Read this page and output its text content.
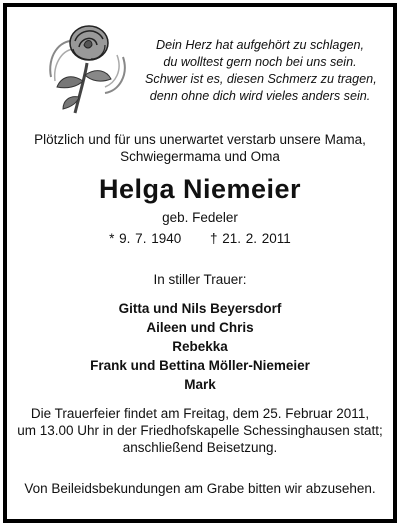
Dein Herz hat aufgehört zu schlagen,
du wolltest gern noch bei uns sein.
Schwer ist es, diesen Schmerz zu tragen,
denn ohne dich wird vieles anders sein.
Plötzlich und für uns unerwartet verstarb unsere Mama,
Schwiegermama und Oma
Helga Niemeier
geb. Fedeler
* 9. 7. 1940 † 21. 2. 2011
In stiller Trauer:
Gitta und Nils Beyersdorf
Aileen und Chris
Rebekka
Frank und Bettina Möller-Niemeier
Mark
Die Trauerfeier findet am Freitag, dem 25. Februar 2011,
um 13.00 Uhr in der Friedhofskapelle Schessinghausen statt;
anschließend Beisetzung.
Von Beileidsbekundungen am Grabe bitten wir abzusehen.
